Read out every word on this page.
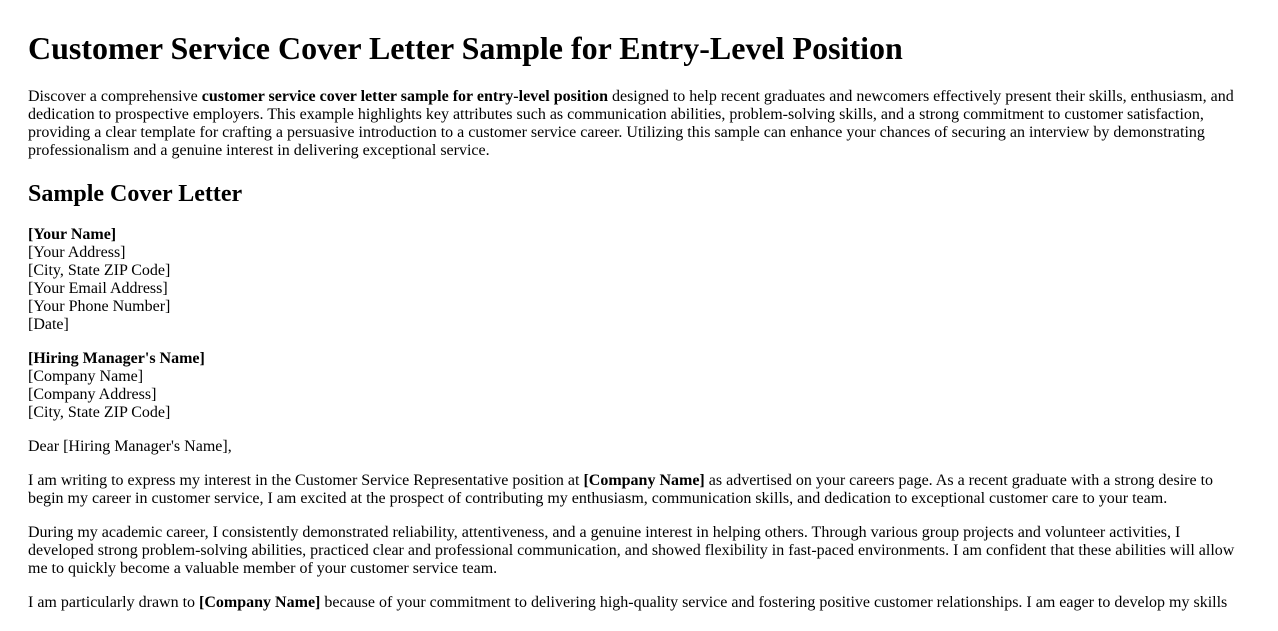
Customer Service Cover Letter Sample for Entry-Level Position

Discover a comprehensive customer service cover letter sample for entry-level position designed to help recent graduates and newcomers effectively present their skills, enthusiasm, and dedication to prospective employers. This example highlights key attributes such as communication abilities, problem-solving skills, and a strong commitment to customer satisfaction, providing a clear template for crafting a persuasive introduction to a customer service career. Utilizing this sample can enhance your chances of securing an interview by demonstrating professionalism and a genuine interest in delivering exceptional service.

Sample Cover Letter
[Your Name]
[Your Address]
[City, State ZIP Code]
[Your Email Address]
[Your Phone Number]
[Date]
[Hiring Manager's Name]
[Company Name]
[Company Address]
[City, State ZIP Code]

Dear [Hiring Manager's Name],

I am writing to express my interest in the Customer Service Representative position at [Company Name] as advertised on your careers page. As a recent graduate with a strong desire to begin my career in customer service, I am excited at the prospect of contributing my enthusiasm, communication skills, and dedication to exceptional customer care to your team.

During my academic career, I consistently demonstrated reliability, attentiveness, and a genuine interest in helping others. Through various group projects and volunteer activities, I developed strong problem-solving abilities, practiced clear and professional communication, and showed flexibility in fast-paced environments. I am confident that these abilities will allow me to quickly become a valuable member of your customer service team.

I am particularly drawn to [Company Name] because of your commitment to delivering high-quality service and fostering positive customer relationships. I am eager to develop my skills
